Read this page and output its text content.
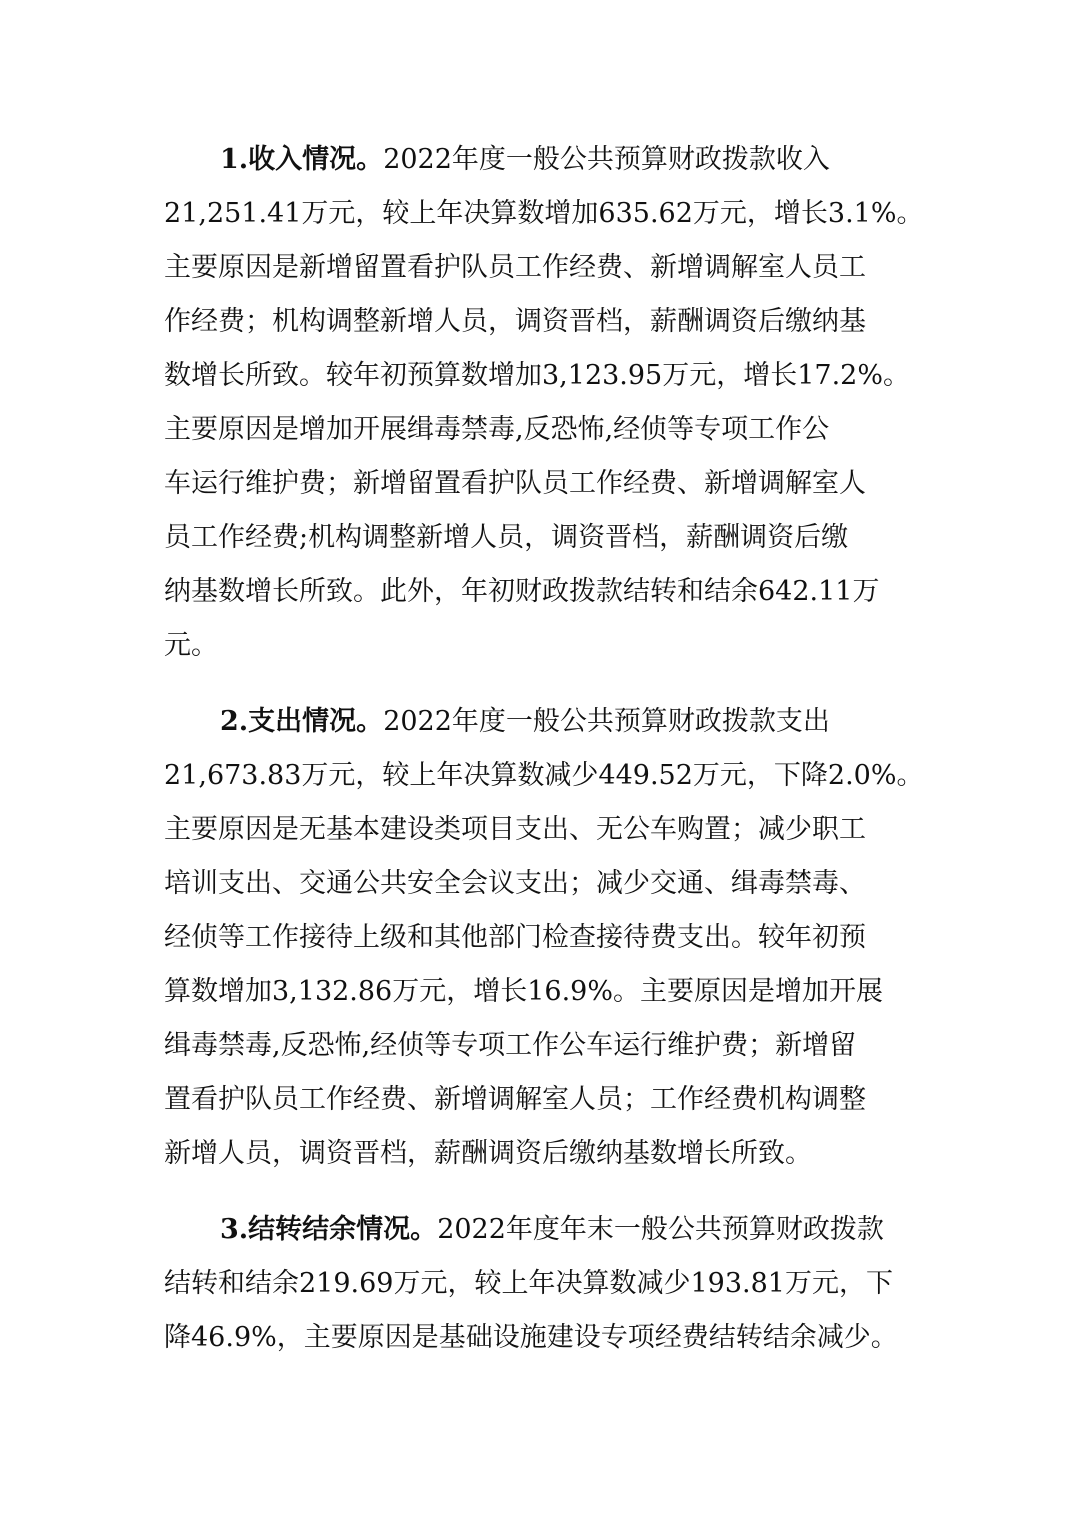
1.收入情况。2022年度一般公共预算财政拨款收入
21,251.41万元，较上年决算数增加635.62万元，增长3.1%。
主要原因是新增留置看护队员工作经费、新增调解室人员工
作经费；机构调整新增人员，调资晋档，薪酬调资后缴纳基
数增长所致。较年初预算数增加3,123.95万元，增长17.2%。
主要原因是增加开展缉毒禁毒,反恐怖,经侦等专项工作公
车运行维护费；新增留置看护队员工作经费、新增调解室人
员工作经费;机构调整新增人员，调资晋档，薪酬调资后缴
纳基数增长所致。此外，年初财政拨款结转和结余642.11万
元。
2.支出情况。2022年度一般公共预算财政拨款支出
21,673.83万元，较上年决算数减少449.52万元，下降2.0%。
主要原因是无基本建设类项目支出、无公车购置；减少职工
培训支出、交通公共安全会议支出；减少交通、缉毒禁毒、
经侦等工作接待上级和其他部门检查接待费支出。较年初预
算数增加3,132.86万元，增长16.9%。主要原因是增加开展
缉毒禁毒,反恐怖,经侦等专项工作公车运行维护费；新增留
置看护队员工作经费、新增调解室人员；工作经费机构调整
新增人员，调资晋档，薪酬调资后缴纳基数增长所致。
3.结转结余情况。2022年度年末一般公共预算财政拨款
结转和结余219.69万元，较上年决算数减少193.81万元，下
降46.9%，主要原因是基础设施建设专项经费结转结余减少。
